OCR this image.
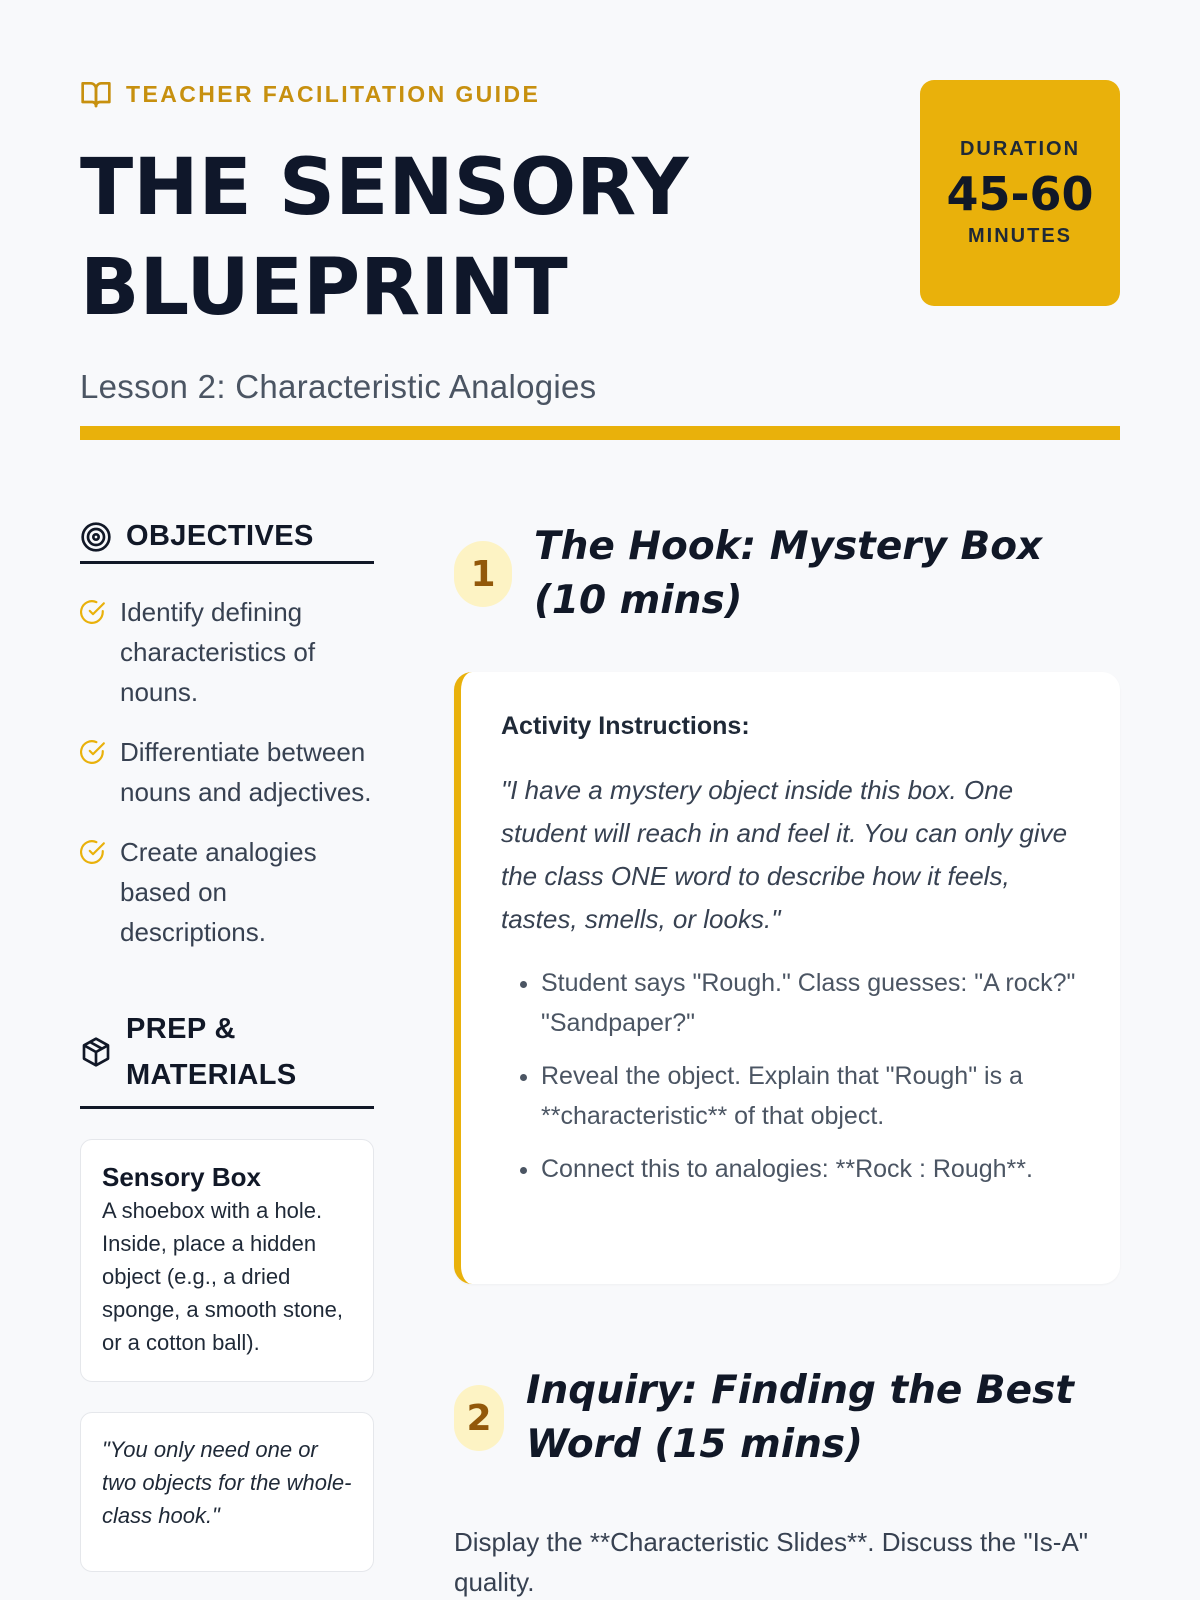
TEACHER FACILITATION GUIDE
THE SENSORY BLUEPRINT
Lesson 2: Characteristic Analogies
DURATION
45-60
MINUTES
OBJECTIVES
Identify defining characteristics of nouns.
Differentiate between nouns and adjectives.
Create analogies based on descriptions.
PREP & MATERIALS
Sensory Box

A shoebox with a hole. Inside, place a hidden object (e.g., a dried sponge, a smooth stone, or a cotton ball).

"You only need one or two objects for the whole-class hook."

1
The Hook: Mystery Box (10 mins)
Activity Instructions:

"I have a mystery object inside this box. One student will reach in and feel it. You can only give the class ONE word to describe how it feels, tastes, smells, or looks."

• Student says "Rough." Class guesses: "A rock?" "Sandpaper?"
• Reveal the object. Explain that "Rough" is a **characteristic** of that object.
• Connect this to analogies: **Rock : Rough**.
2
Inquiry: Finding the Best Word (15 mins)

Display the **Characteristic Slides**. Discuss the "Is-A" quality.
